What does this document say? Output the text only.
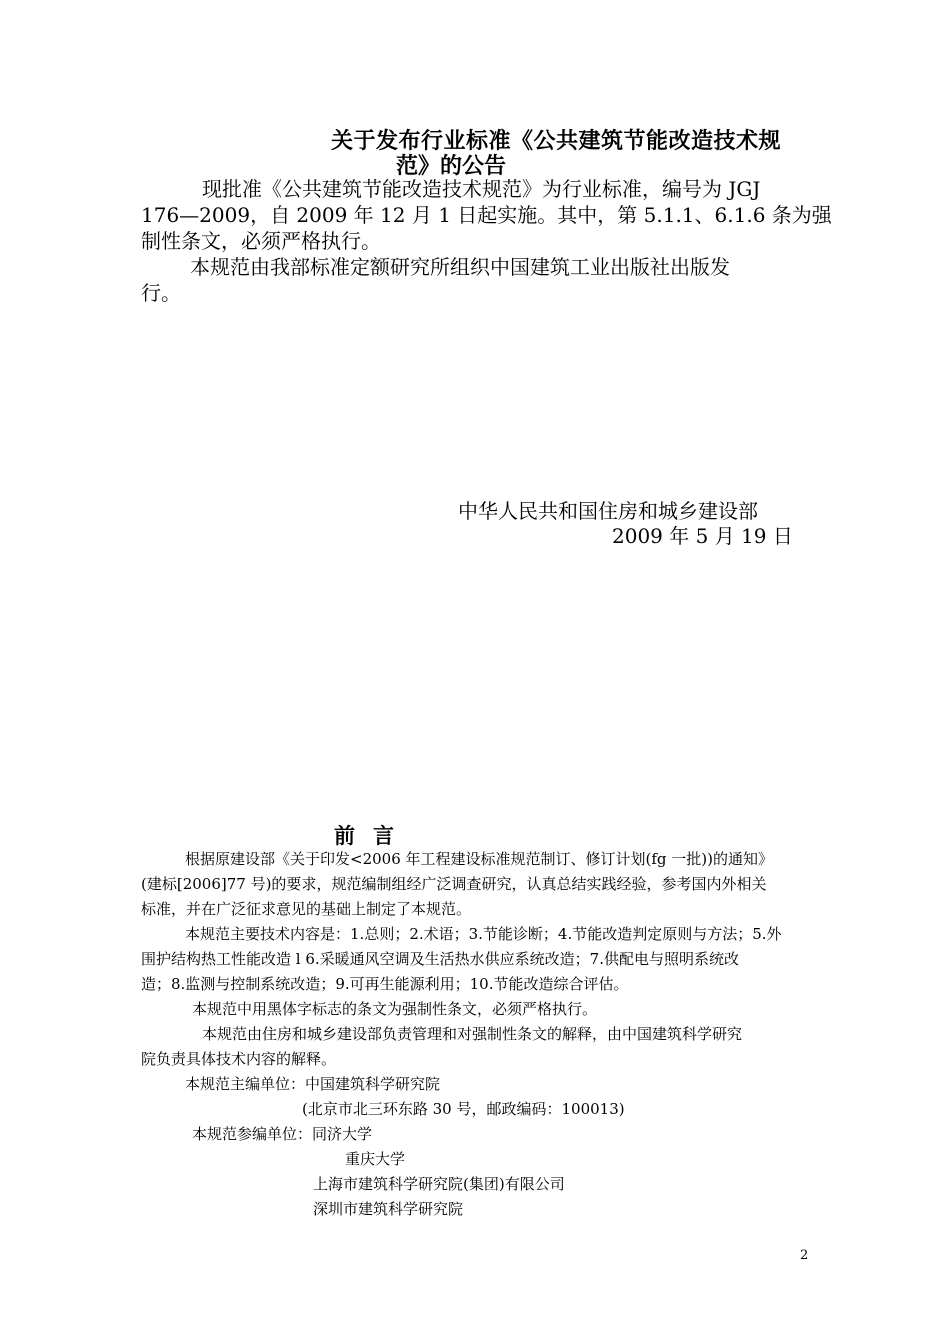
关于发布行业标准《公共建筑节能改造技术规
范》的公告
现批准《公共建筑节能改造技术规范》为行业标准，编号为 JGJ
176—2009，自 2009 年 12 月 1 日起实施。其中，第 5.1.1、6.1.6 条为强
制性条文，必须严格执行。
本规范由我部标准定额研究所组织中国建筑工业出版社出版发
行。
中华人民共和国住房和城乡建设部
2009 年 5 月 19 日
前言
根据原建设部《关于印发<2006 年工程建设标准规范制订、修订计划(fg 一批))的通知》
(建标[2006]77 号)的要求，规范编制组经广泛调查研究，认真总结实践经验，参考国内外相关
标准，并在广泛征求意见的基础上制定了本规范。
本规范主要技术内容是：1.总则；2.术语；3.节能诊断；4.节能改造判定原则与方法；5.外
围护结构热工性能改造 l 6.采暖通风空调及生活热水供应系统改造；7.供配电与照明系统改
造；8.监测与控制系统改造；9.可再生能源利用；10.节能改造综合评估。
本规范中用黑体字标志的条文为强制性条文，必须严格执行。
本规范由住房和城乡建设部负责管理和对强制性条文的解释，由中国建筑科学研究
院负责具体技术内容的解释。
本规范主编单位：中国建筑科学研究院
(北京市北三环东路 30 号，邮政编码：100013)
本规范参编单位：同济大学
重庆大学
上海市建筑科学研究院(集团)有限公司
深圳市建筑科学研究院
2
